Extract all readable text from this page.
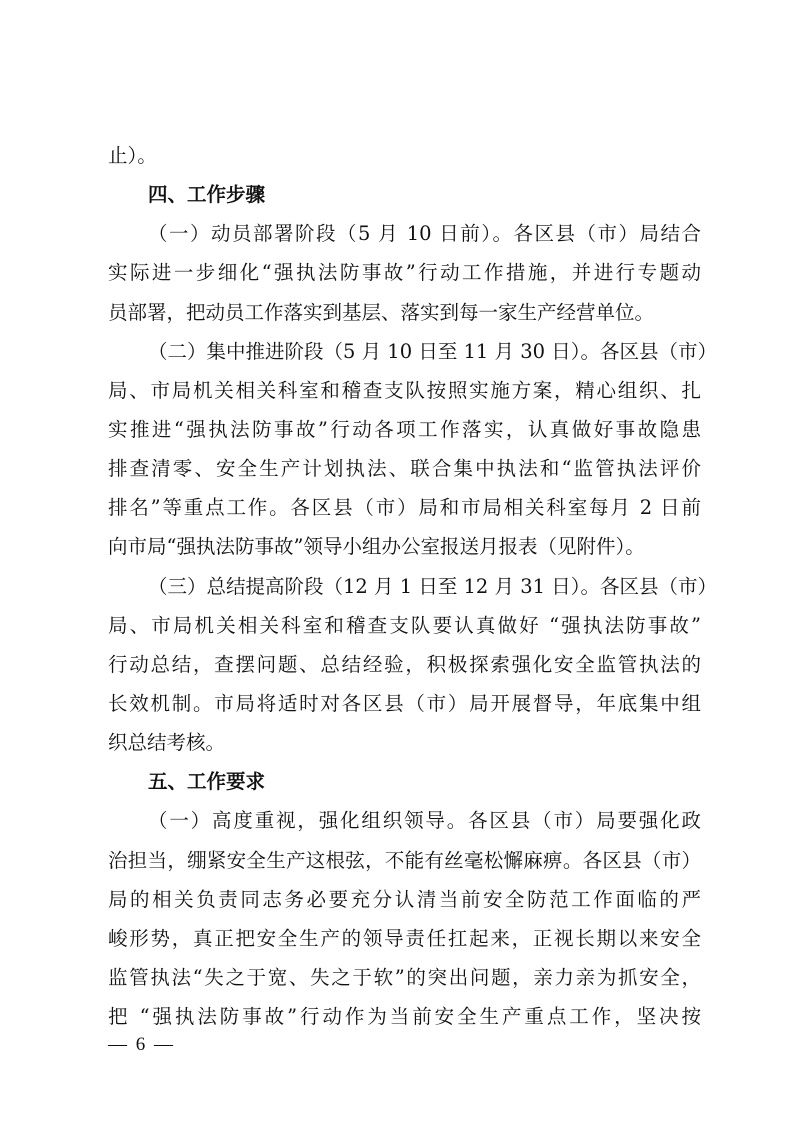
止）。
四、工作步骤
（一）动员部署阶段（5 月 10 日前）。各区县（市）局结合
实际进一步细化“强执法防事故”行动工作措施，并进行专题动
员部署，把动员工作落实到基层、落实到每一家生产经营单位。
（二）集中推进阶段（5 月 10 日至 11 月 30 日）。各区县（市）
局、市局机关相关科室和稽查支队按照实施方案，精心组织、扎
实推进“强执法防事故”行动各项工作落实，认真做好事故隐患
排查清零、安全生产计划执法、联合集中执法和“监管执法评价
排名”等重点工作。各区县（市）局和市局相关科室每月 2 日前
向市局“强执法防事故”领导小组办公室报送月报表（见附件）。
（三）总结提高阶段（12 月 1 日至 12 月 31 日）。各区县（市）
局、市局机关相关科室和稽查支队要认真做好 “强执法防事故”
行动总结，查摆问题、总结经验，积极探索强化安全监管执法的
长效机制。市局将适时对各区县（市）局开展督导，年底集中组
织总结考核。
五、工作要求
（一）高度重视，强化组织领导。各区县（市）局要强化政
治担当，绷紧安全生产这根弦，不能有丝毫松懈麻痹。各区县（市）
局的相关负责同志务必要充分认清当前安全防范工作面临的严
峻形势，真正把安全生产的领导责任扛起来，正视长期以来安全
监管执法“失之于宽、失之于软”的突出问题，亲力亲为抓安全，
把 “强执法防事故”行动作为当前安全生产重点工作，坚决按
— 6 —
